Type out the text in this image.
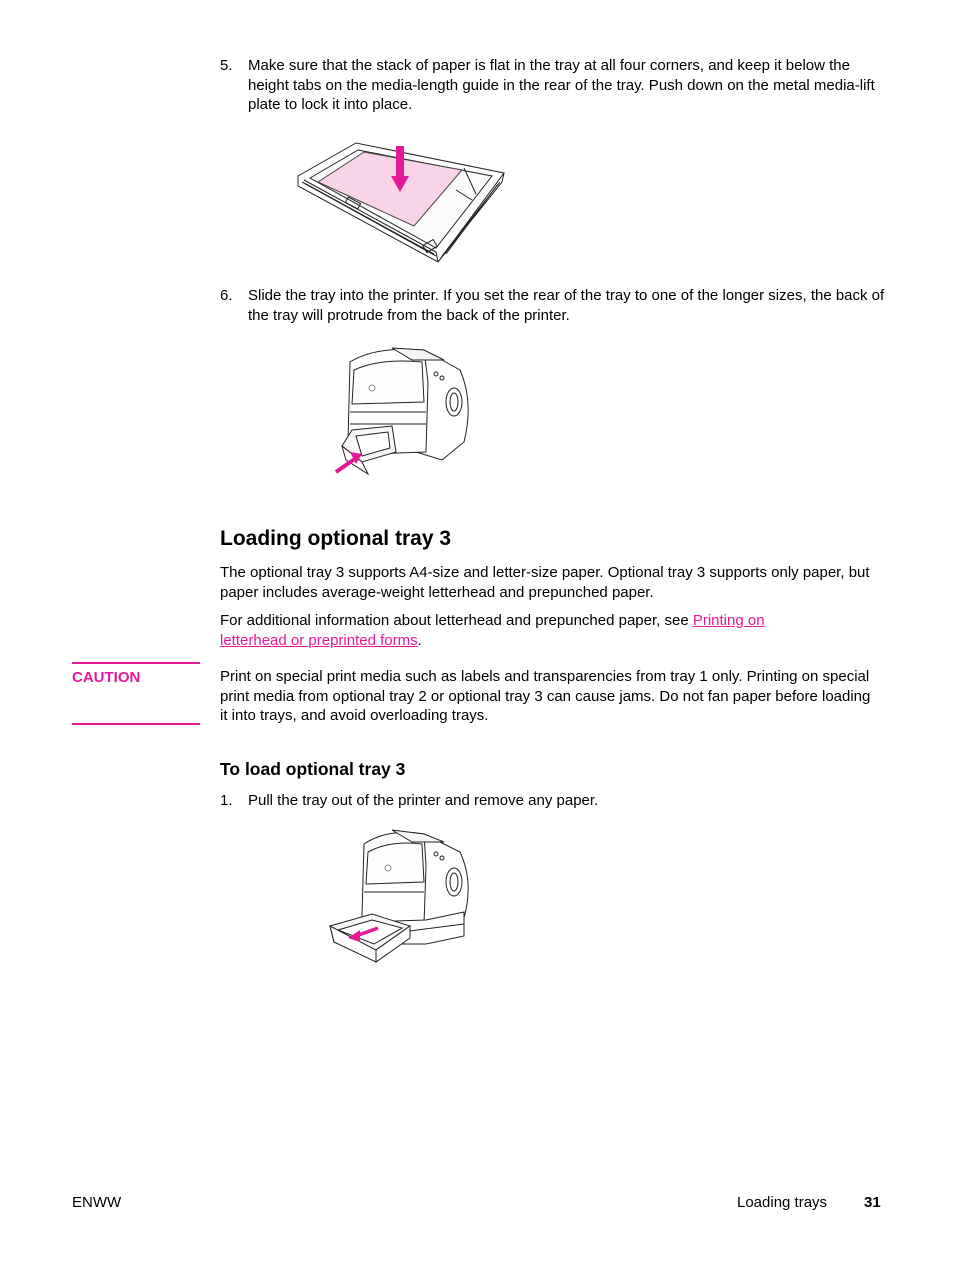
5. Make sure that the stack of paper is flat in the tray at all four corners, and keep it below the height tabs on the media-length guide in the rear of the tray. Push down on the metal media-lift plate to lock it into place.
6. Slide the tray into the printer. If you set the rear of the tray to one of the longer sizes, the back of the tray will protrude from the back of the printer.
Loading optional tray 3
The optional tray 3 supports A4-size and letter-size paper. Optional tray 3 supports only paper, but paper includes average-weight letterhead and prepunched paper.
For additional information about letterhead and prepunched paper, see Printing on letterhead or preprinted forms.
CAUTION	Print on special print media such as labels and transparencies from tray 1 only. Printing on special print media from optional tray 2 or optional tray 3 can cause jams. Do not fan paper before loading it into trays, and avoid overloading trays.
To load optional tray 3
1. Pull the tray out of the printer and remove any paper.
ENWW	Loading trays 31
